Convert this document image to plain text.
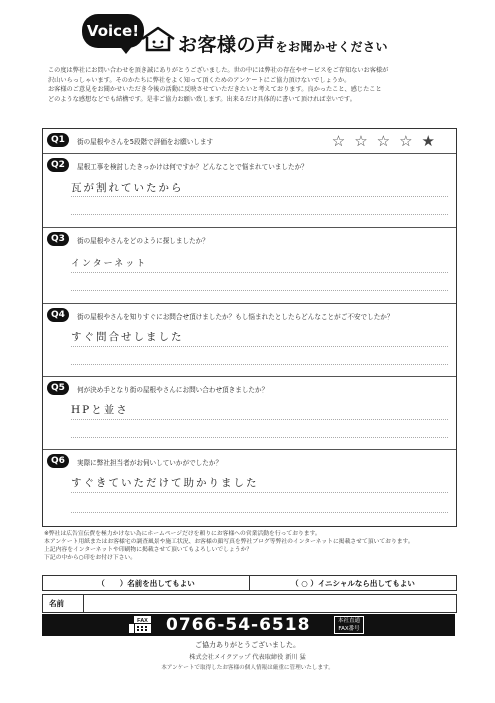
Voice!
お客様の声をお聞かせください

この度は弊社にお問い合わせを頂き誠にありがとうございました。世の中には弊社の存在やサービスをご存知ないお客様が

沢山いらっしゃいます。そのかたちに弊社をよく知って頂くためのアンケートにご協力頂けないでしょうか。

お客様のご意見をお聞かせいただき今後の活動に反映させていただきたいと考えております。良かったこと、感じたこと

どのような感想などでも結構です。是非ご協力お願い致します。出来るだけ具体的に書いて頂ければ幸いです。

Q1	街の屋根やさんを5段階で評価をお願いします	☆☆☆☆★
Q2	屋根工事を検討したきっかけは何ですか？どんなことで悩まれていましたか？
瓦が割れていたから
Q3	街の屋根やさんをどのように探しましたか？
インターネット
Q4	街の屋根やさんを知りすぐにお問合せ頂けましたか？もし悩まれたとしたらどんなことがご不安でしたか？
すぐ問合せしました
Q5	何が決め手となり街の屋根やさんにお問い合わせ頂きましたか？
HPと並さ
Q6	実際に弊社担当者がお伺いしていかがでしたか？
すぐきていただけて助かりました

※弊社は広告宣伝費を極力かけない為にホームページだけを頼りにお客様への営業活動を行っております。

本アンケート用紙またはお客様宅の調査風景や施工状況、お客様の顔写真を弊社ブログ等弊社のインターネットに掲載させて頂いております。

上記内容をインターネットや印刷物に掲載させて頂いてもよろしいでしょうか？

下記の中から○印をお付け下さい。

（　　）名前を出してもよい	（ ○ ）イニシャルなら出してもよい
名前
FAX 0766-54-6518	本社直通
FAX番号
ご協力ありがとうございました。
株式会社メイクアップ 代表取締役 新川 猛
本アンケートで取得したお客様の個人情報は厳重に管理いたします。
